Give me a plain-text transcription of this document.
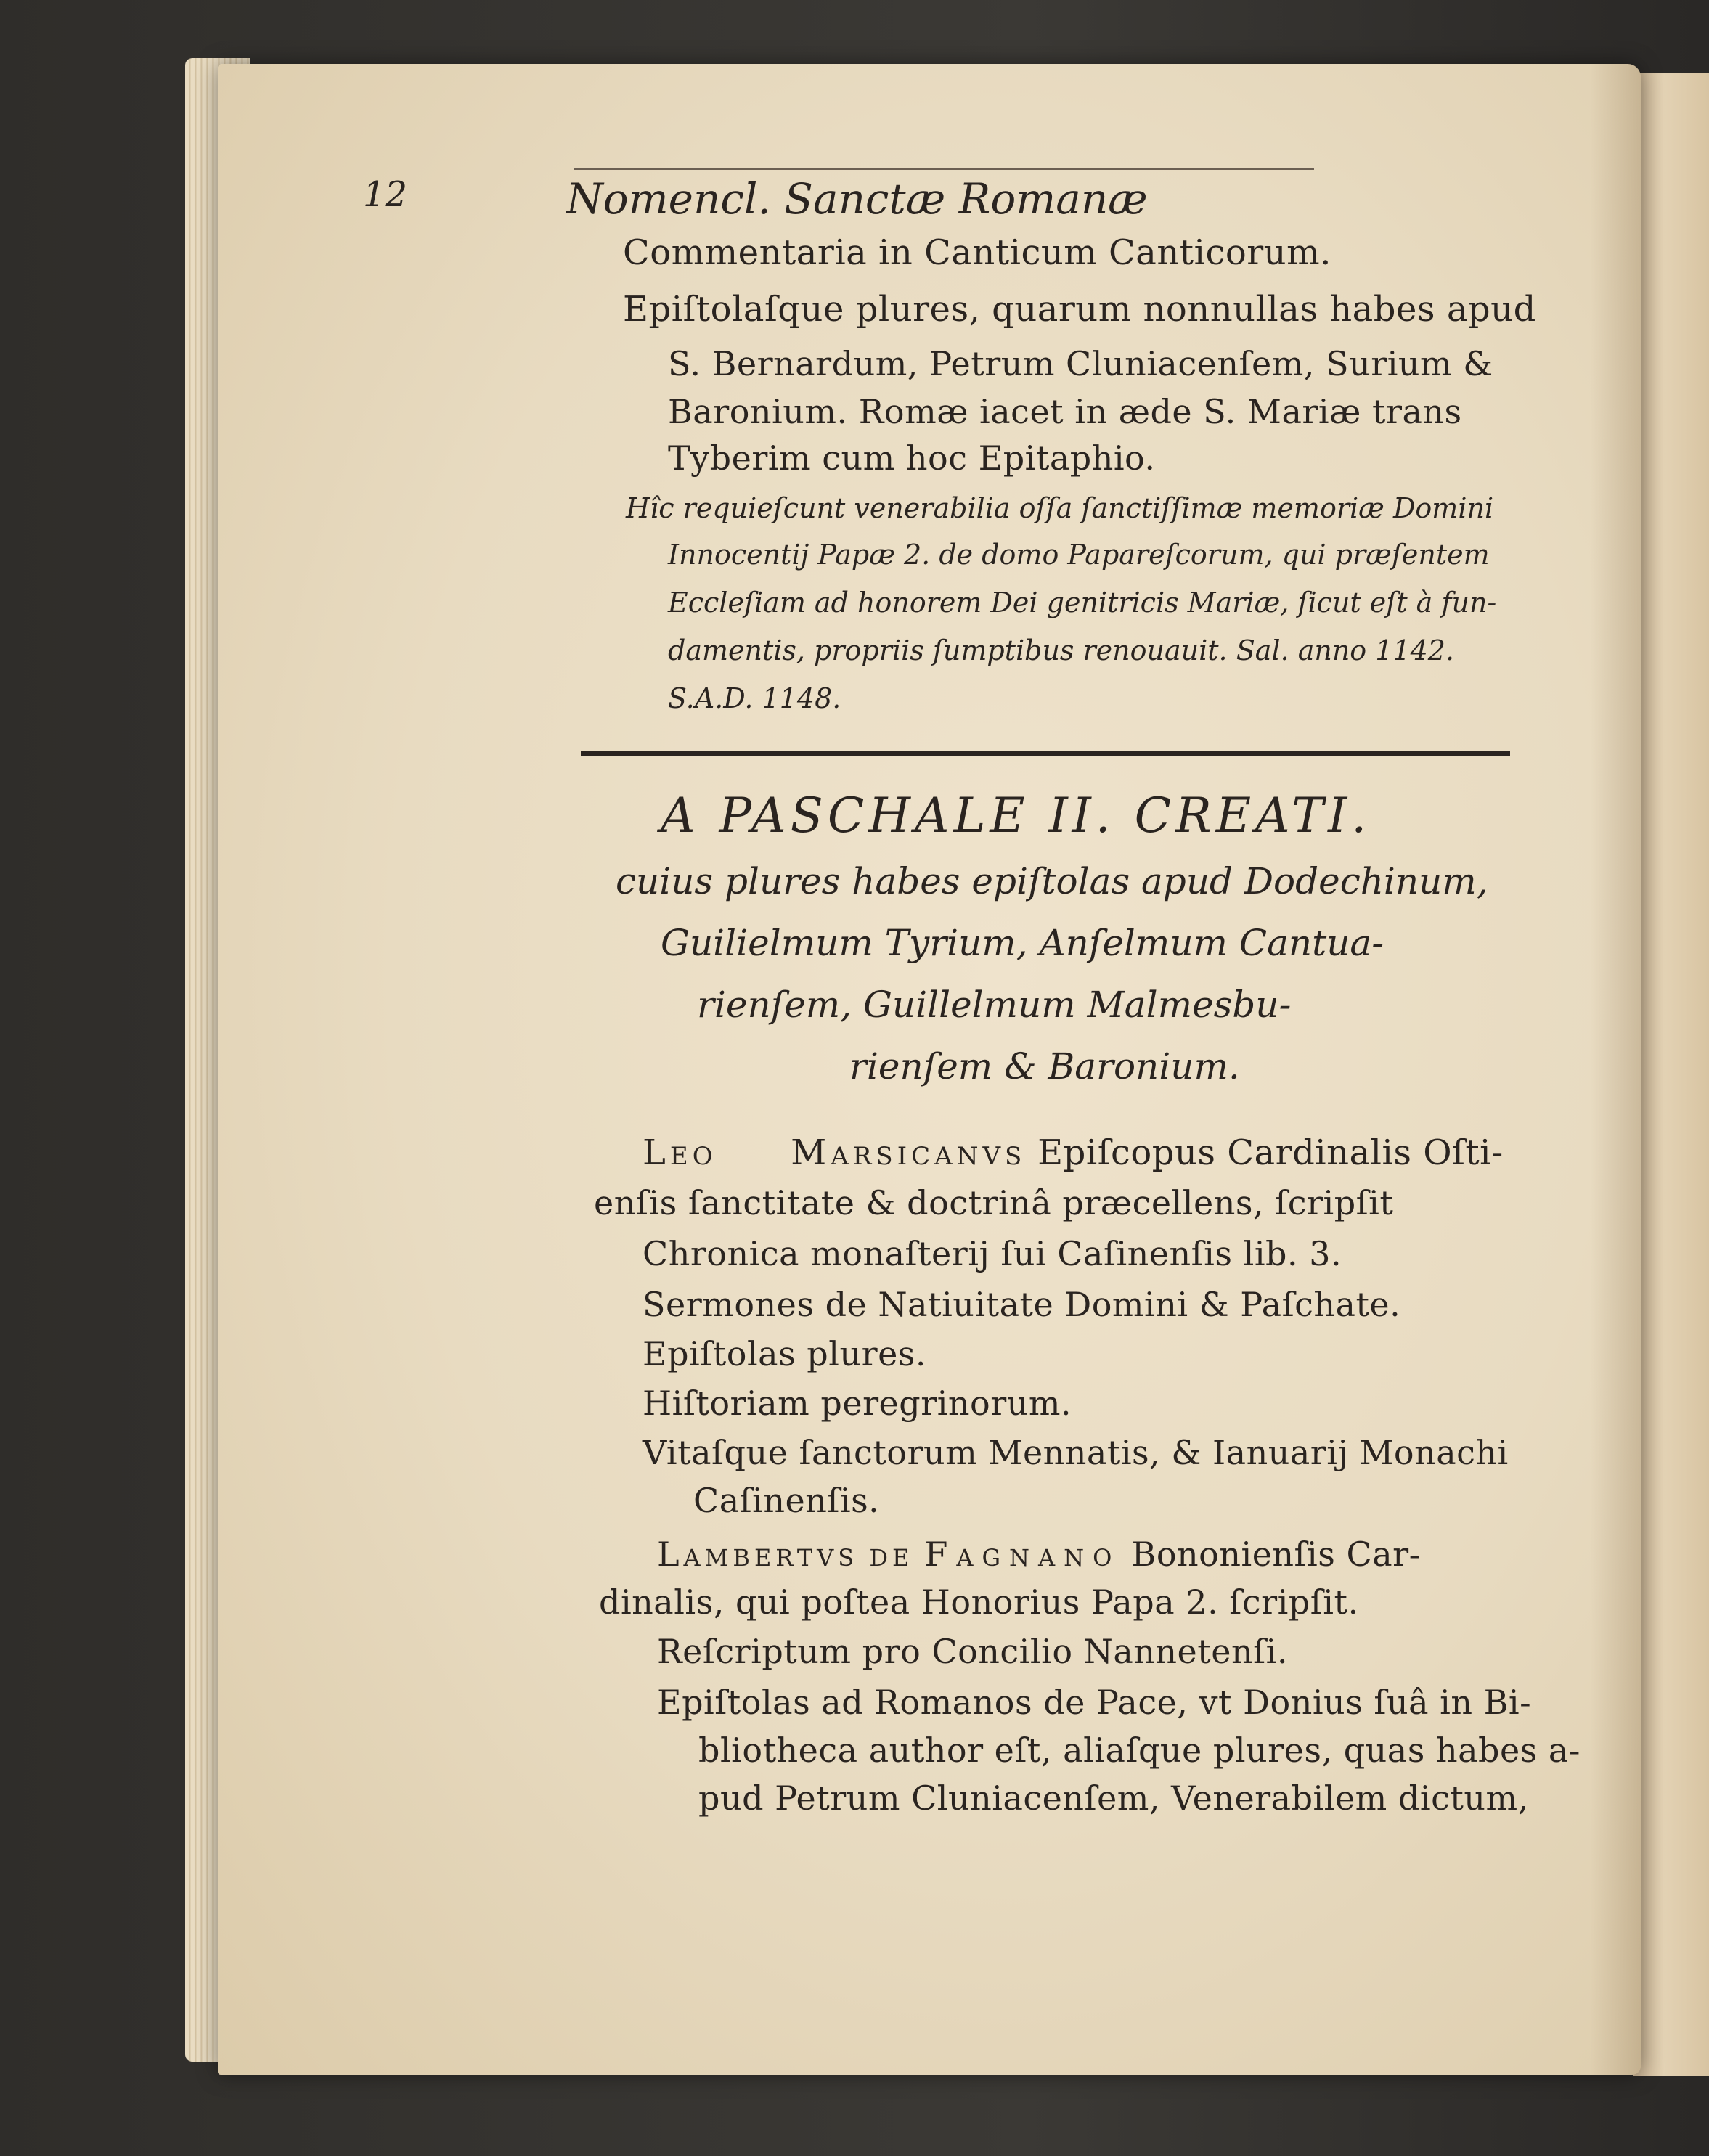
12	Nomencl. Sanctæ Romanæ
Commentaria in Canticum Canticorum.
Epiſtolaſque plures, quarum nonnullas habes apud
S. Bernardum, Petrum Cluniacenſem, Surium &
Baronium. Romæ iacet in æde S. Mariæ trans
Tyberim cum hoc Epitaphio.
Hîc requieſcunt venerabilia oſſa ſanctiſſimæ memoriæ Domini
Innocentij Papæ 2. de domo Papareſcorum, qui præſentem
Eccleſiam ad honorem Dei genitricis Mariæ, ſicut eſt à fun-
damentis, propriis ſumptibus renouauit. Sal. anno 1142.
S.A.D. 1148.
A PASCHALE II. CREATI.
cuius plures habes epiſtolas apud Dodechinum,
Guilielmum Tyrium, Anſelmum Cantua-
rienſem, Guillelmum Malmesbu-
rienſem & Baronium.
Leo Marsicanvs Epiſcopus Cardinalis Oſti-
enſis ſanctitate & doctrinâ præcellens, ſcripſit
Chronica monaſterij ſui Caſinenſis lib. 3.
Sermones de Natiuitate Domini & Paſchate.
Epiſtolas plures.
Hiſtoriam peregrinorum.
Vitaſque ſanctorum Mennatis, & Ianuarij Monachi
Caſinenſis.
Lambertvs de Fagnano Bononienſis Car-
dinalis, qui poſtea Honorius Papa 2. ſcripſit.
Reſcriptum pro Concilio Nannetenſi.
Epiſtolas ad Romanos de Pace, vt Donius ſuâ in Bi-
bliotheca author eſt, aliaſque plures, quas habes a-
pud Petrum Cluniacenſem, Venerabilem dictum,
